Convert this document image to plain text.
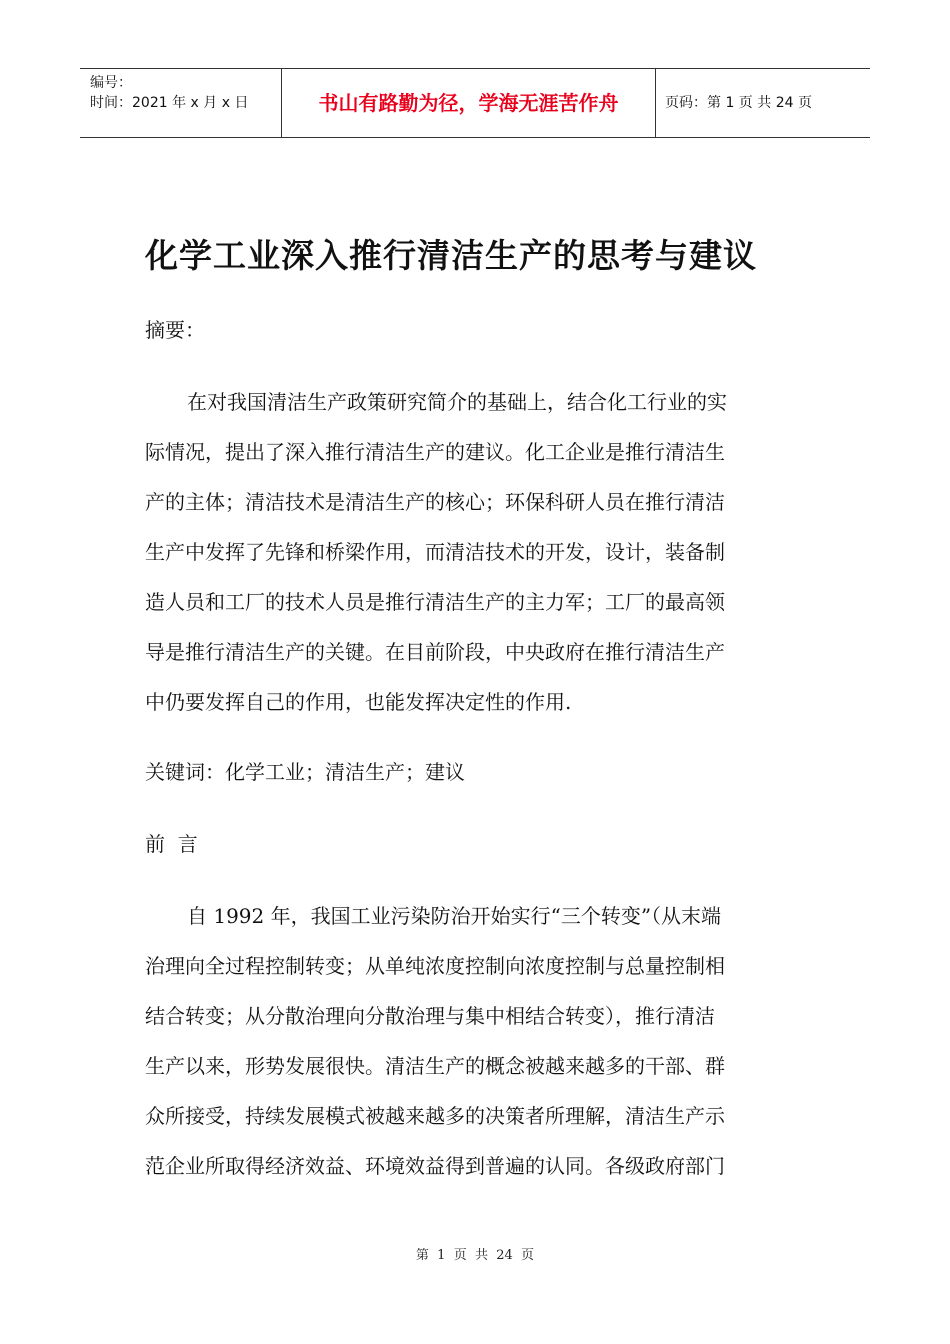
编号：
时间：2021 年 x 月 x 日	书山有路勤为径，学海无涯苦作舟	页码：第 1 页 共 24 页
化学工业深入推行清洁生产的思考与建议
摘要：
在对我国清洁生产政策研究简介的基础上，结合化工行业的实
际情况，提出了深入推行清洁生产的建议。化工企业是推行清洁生
产的主体；清洁技术是清洁生产的核心；环保科研人员在推行清洁
生产中发挥了先锋和桥梁作用，而清洁技术的开发，设计，装备制
造人员和工厂的技术人员是推行清洁生产的主力军；工厂的最高领
导是推行清洁生产的关键。在目前阶段，中央政府在推行清洁生产
中仍要发挥自己的作用，也能发挥决定性的作用.
关键词：化学工业；清洁生产；建议
前  言
自 1992 年，我国工业污染防治开始实行“三个转变”（从末端
治理向全过程控制转变；从单纯浓度控制向浓度控制与总量控制相
结合转变；从分散治理向分散治理与集中相结合转变），推行清洁
生产以来，形势发展很快。清洁生产的概念被越来越多的干部、群
众所接受，持续发展模式被越来越多的决策者所理解，清洁生产示
范企业所取得经济效益、环境效益得到普遍的认同。各级政府部门
第  1  页  共  24  页
